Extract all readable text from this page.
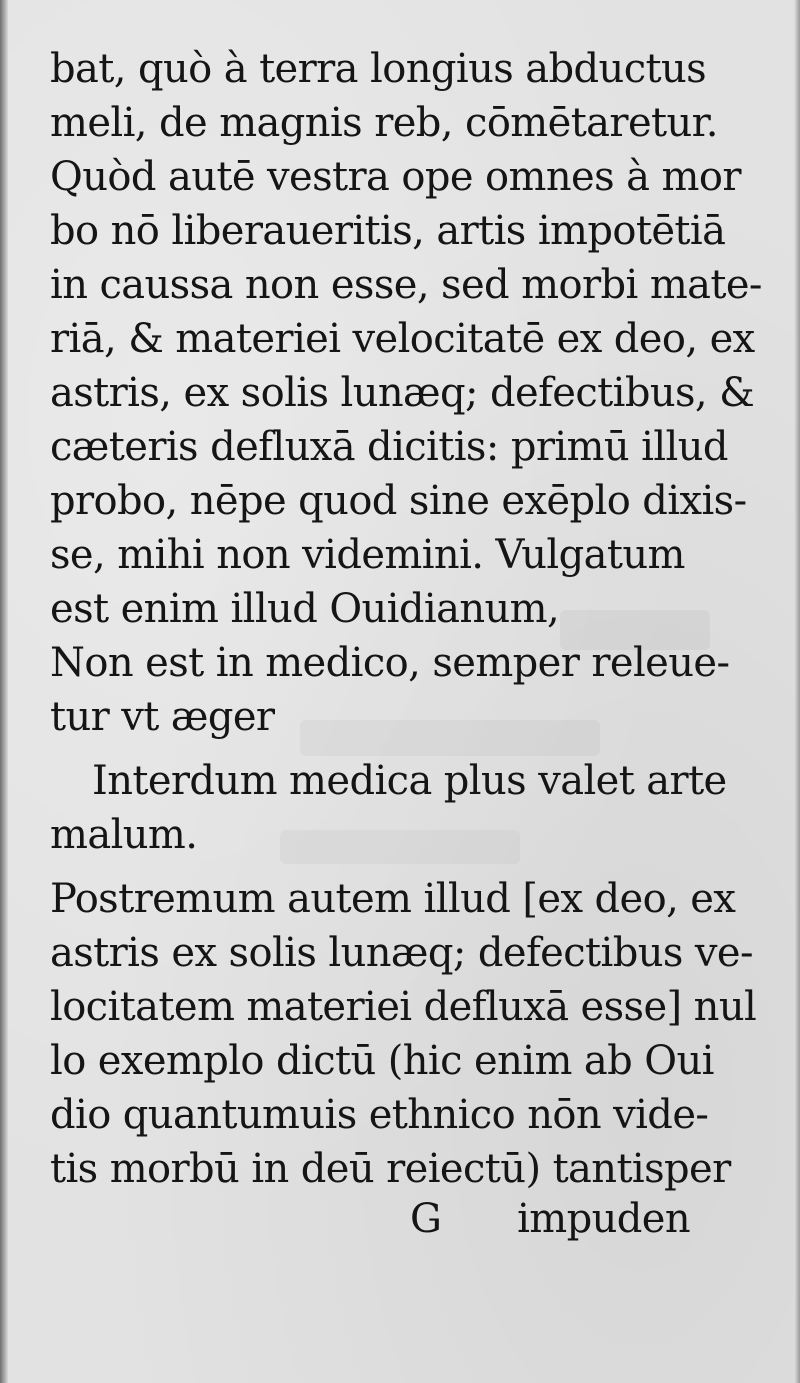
bat, quò à terra longius abductus
meli, de magnis reb, cōmētaretur.
Quòd autē vestra ope omnes à mor
bo nō liberaueritis, artis impotētiā
in caussa non esse, sed morbi mate-
riā, & materiei velocitatē ex deo, ex
astris, ex solis lunæq; defectibus, &
cæteris defluxā dicitis: primū illud
probo, nēpe quod sine exēplo dixis-
se, mihi non videmini. Vulgatum
est enim illud Ouidianum,
Non est in medico, semper releue-
tur vt æger
Interdum medica plus valet arte
malum.
Postremum autem illud [ex deo, ex
astris ex solis lunæq; defectibus ve-
locitatem materiei defluxā esse] nul
lo exemplo dictū (hic enim ab Oui
dio quantumuis ethnico nōn vide-
tis morbū in deū reiectū) tantisper
G impuden
